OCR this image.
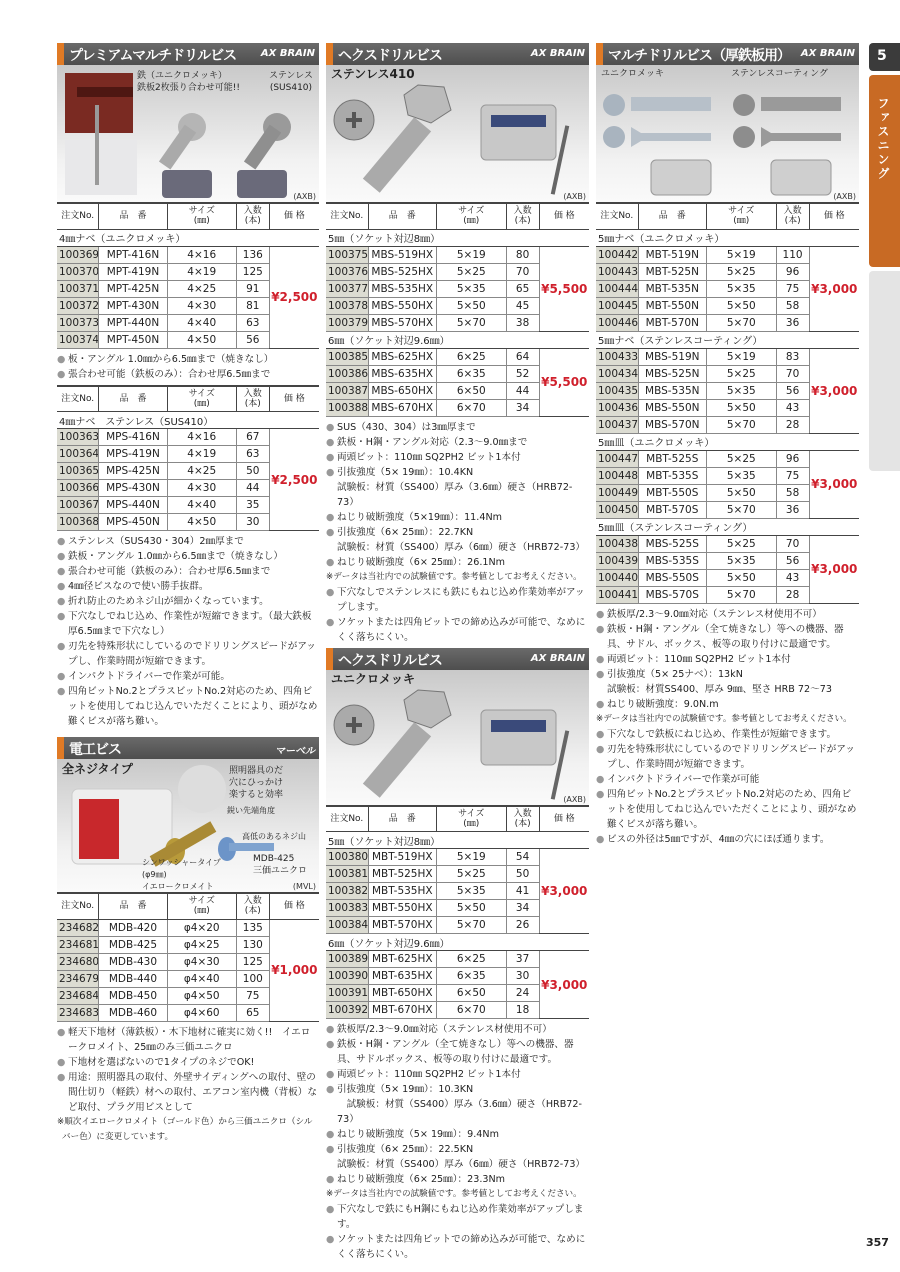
5
ファスニング
357
プレミアムマルチドリルビス AX BRAIN
鉄（ユニクロメッキ）
鉄板2枚張り合わせ可能!!
ステンレス
(SUS410)
(AXB)
注文No.	品　番	サイズ
(㎜)	入数
(本)	価 格
4㎜ナベ（ユニクロメッキ）				
100369	MPT-416N	4×16	136	¥2,500
100370	MPT-419N	4×19	125	
100371	MPT-425N	4×25	91	
100372	MPT-430N	4×30	81	
100373	MPT-440N	4×40	63	
100374	MPT-450N	4×50	56	
● 板・アングル 1.0㎜から6.5㎜まで（焼きなし）
● 張合わせ可能（鉄板のみ）：合わせ厚6.5㎜まで
注文No.	品　番	サイズ
(㎜)	入数
(本)	価 格
4㎜ナベ　ステンレス（SUS410）				
100363	MPS-416N	4×16	67	¥2,500
100364	MPS-419N	4×19	63	
100365	MPS-425N	4×25	50	
100366	MPS-430N	4×30	44	
100367	MPS-440N	4×40	35	
100368	MPS-450N	4×50	30	
● ステンレス（SUS430・304）2㎜厚まで
● 鉄板・アングル 1.0㎜から6.5㎜まで（焼きなし）
● 張合わせ可能（鉄板のみ）：合わせ厚6.5㎜まで
● 4㎜径ビスなので使い勝手抜群。
● 折れ防止のためネジ山が細かくなっています。
● 下穴なしでねじ込め、作業性が短縮できます。（最大鉄板厚6.5㎜まで下穴なし）
● 刃先を特殊形状にしているのでドリリングスピードがアップし、作業時間が短縮できます。
● インパクトドライバーで作業が可能。
● 四角ビットNo.2とプラスビットNo.2対応のため、四角ビットを使用してねじ込んでいただくことにより、頭がなめ難くビスが落ち難い。
電工ビス	マーベル
全ネジタイプ	照明器具のだ
穴にひっかけ
楽すると効率
鋭い先端角度
高低のあるネジ山
シンワッシャータイプ
(φ9㎜)
イエロークロメイト
MDB-425
三価ユニクロ
(MVL)
注文No.	品　番	サイズ
(㎜)	入数
(本)	価 格
234682	MDB-420	φ4×20	135	¥1,000
234681	MDB-425	φ4×25	130	
234680	MDB-430	φ4×30	125	
234679	MDB-440	φ4×40	100	
234684	MDB-450	φ4×50	75	
234683	MDB-460	φ4×60	65	
● 軽天下地材（薄鉄板）・木下地材に確実に効く!!　イエロークロメイト、25㎜のみ三価ユニクロ
● 下地材を選ばないので1タイプのネジでOK!
● 用途：照明器具の取付、外壁サイディングへの取付、壁の間仕切り（軽鉄）材への取付、エアコン室内機（背板）など取付、プラグ用ビスとして
※順次イエロークロメイト（ゴールド色）から三価ユニクロ（シルバー色）に変更しています。
ヘクスドリルビス	AX BRAIN
ステンレス410
(AXB)
注文No.	品　番	サイズ
(㎜)	入数
(本)	価 格
5㎜（ソケット対辺8㎜）				
100375	MBS-519HX	5×19	80	¥5,500
100376	MBS-525HX	5×25	70	
100377	MBS-535HX	5×35	65	
100378	MBS-550HX	5×50	45	
100379	MBS-570HX	5×70	38	
6㎜（ソケット対辺9.6㎜）				
100385	MBS-625HX	6×25	64	¥5,500
100386	MBS-635HX	6×35	52	
100387	MBS-650HX	6×50	44	
100388	MBS-670HX	6×70	34	
● SUS（430、304）は3㎜厚まで
● 鉄板・H鋼・アングル対応（2.3～9.0㎜まで
● 両頭ビット：110㎜ SQ2PH2 ビット1本付
● 引抜強度（5× 19㎜）：10.4KN
試験板：材質（SS400）厚み（3.6㎜）硬さ（HRB72-73）
● ねじり破断強度（5×19㎜）：11.4Nm
● 引抜強度（6× 25㎜）：22.7KN
試験板：材質（SS400）厚み（6㎜）硬さ（HRB72-73）
● ねじり破断強度（6× 25㎜）：26.1Nm
※データは当社内での試験値です。参考値としてお考えください。
● 下穴なしでステンレスにも鉄にもねじ込め作業効率がアップします。
● ソケットまたは四角ビットでの締め込みが可能で、なめにくく落ちにくい。
ヘクスドリルビス	AX BRAIN
ユニクロメッキ
(AXB)
注文No.	品　番	サイズ
(㎜)	入数
(本)	価 格
5㎜（ソケット対辺8㎜）				
100380	MBT-519HX	5×19	54	¥3,000
100381	MBT-525HX	5×25	50	
100382	MBT-535HX	5×35	41	
100383	MBT-550HX	5×50	34	
100384	MBT-570HX	5×70	26	
6㎜（ソケット対辺9.6㎜）				
100389	MBT-625HX	6×25	37	¥3,000
100390	MBT-635HX	6×35	30	
100391	MBT-650HX	6×50	24	
100392	MBT-670HX	6×70	18	
● 鉄板厚/2.3～9.0㎜対応（ステンレス材使用不可）
● 鉄板・H鋼・アングル（全て焼きなし）等への機器、器具、サドルボックス、板等の取り付けに最適です。
● 両頭ビット：110㎜ SQ2PH2 ビット1本付
● 引抜強度（5× 19㎜）：10.3KN
　試験板：材質（SS400）厚み（3.6㎜）硬さ（HRB72-73）
● ねじり破断強度（5× 19㎜）：9.4Nm
● 引抜強度（6× 25㎜）：22.5KN
試験板：材質（SS400）厚み（6㎜）硬さ（HRB72-73）
● ねじり破断強度（6× 25㎜）：23.3Nm
※データは当社内での試験値です。参考値としてお考えください。
● 下穴なしで鉄にもH鋼にもねじ込め作業効率がアップします。
● ソケットまたは四角ビットでの締め込みが可能で、なめにくく落ちにくい。
マルチドリルビス（厚鉄板用） AX BRAIN
ユニクロメッキ	ステンレスコーティング
(AXB)
注文No.	品　番	サイズ
(㎜)	入数
(本)	価 格
5㎜ナベ（ユニクロメッキ）				
100442	MBT-519N	5×19	110	¥3,000
100443	MBT-525N	5×25	96	
100444	MBT-535N	5×35	75	
100445	MBT-550N	5×50	58	
100446	MBT-570N	5×70	36	
5㎜ナベ（ステンレスコーティング）				
100433	MBS-519N	5×19	83	¥3,000
100434	MBS-525N	5×25	70	
100435	MBS-535N	5×35	56	
100436	MBS-550N	5×50	43	
100437	MBS-570N	5×70	28	
5㎜皿（ユニクロメッキ）				
100447	MBT-525S	5×25	96	¥3,000
100448	MBT-535S	5×35	75	
100449	MBT-550S	5×50	58	
100450	MBT-570S	5×70	36	
5㎜皿（ステンレスコーティング）				
100438	MBS-525S	5×25	70	¥3,000
100439	MBS-535S	5×35	56	
100440	MBS-550S	5×50	43	
100441	MBS-570S	5×70	28	
● 鉄板厚/2.3～9.0㎜対応（ステンレス材使用不可）
● 鉄板・H鋼・アングル（全て焼きなし）等への機器、器具、サドル、ボックス、板等の取り付けに最適です。
● 両頭ビット：110㎜ SQ2PH2 ビット1本付
● 引抜強度（5× 25ナベ）：13kN
試験板：材質SS400、厚み 9㎜、堅さ HRB 72～73
● ねじり破断強度：9.0N.m
※データは当社内での試験値です。参考値としてお考えください。
● 下穴なしで鉄板にねじ込め、作業性が短縮できます。
● 刃先を特殊形状にしているのでドリリングスピードがアップし、作業時間が短縮できます。
● インパクトドライバーで作業が可能
● 四角ビットNo.2とプラスビットNo.2対応のため、四角ビットを使用してねじ込んでいただくことにより、頭がなめ難くビスが落ち難い。
● ビスの外径は5㎜ですが、4㎜の穴にほぼ通ります。
